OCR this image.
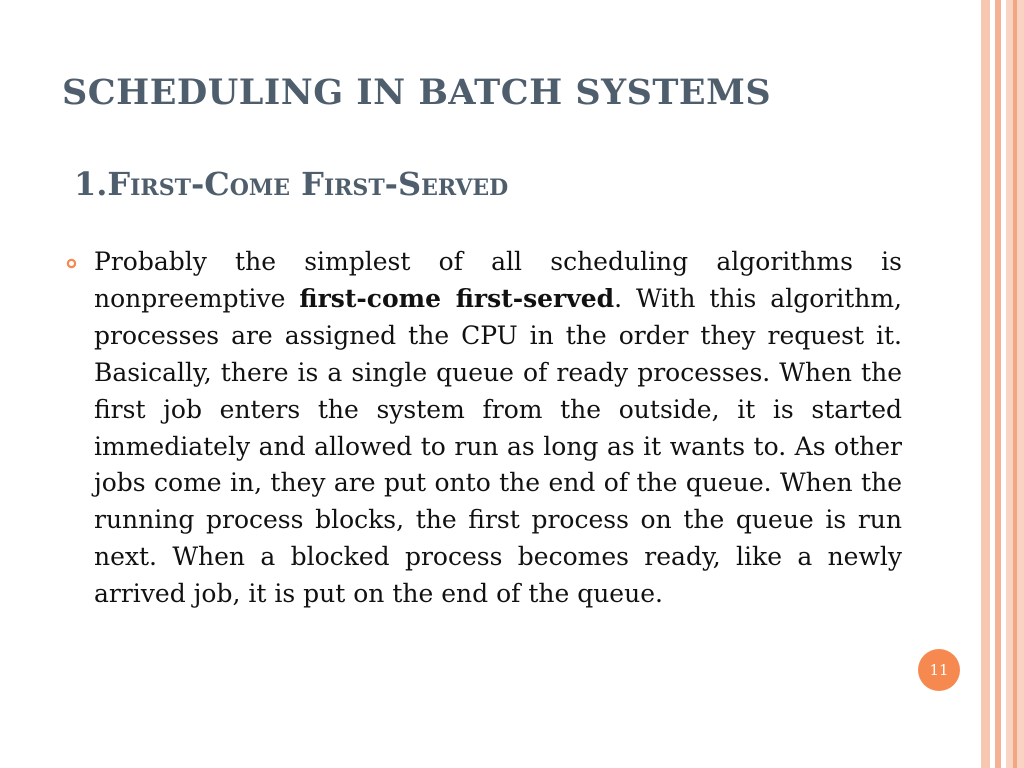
SCHEDULING IN BATCH SYSTEMS
1.First-Come First-Served

Probably the simplest of all scheduling algorithms is nonpreemptive first-come first-served. With this algorithm, processes are assigned the CPU in the order they request it. Basically, there is a single queue of ready processes. When the first job enters the system from the outside, it is started immediately and allowed to run as long as it wants to. As other jobs come in, they are put onto the end of the queue. When the running process blocks, the first process on the queue is run next. When a blocked process becomes ready, like a newly arrived job, it is put on the end of the queue.

11
